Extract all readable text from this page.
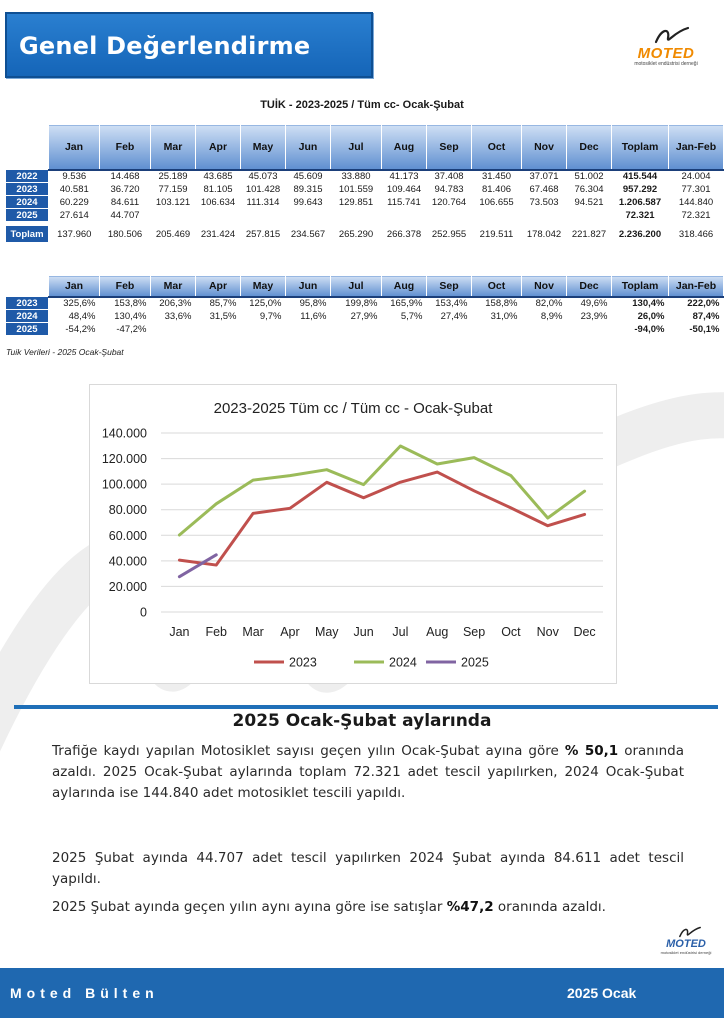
Genel Değerlendirme	MOTED
motosiklet endüstrisi derneği
TUİK - 2023-2025 / Tüm cc- Ocak-Şubat
	Jan	Feb	Mar	Apr	May	Jun	Jul	Aug	Sep	Oct	Nov	Dec	Toplam	Jan-Feb
2022	9.536	14.468	25.189	43.685	45.073	45.609	33.880	41.173	37.408	31.450	37.071	51.002	415.544	24.004
2023	40.581	36.720	77.159	81.105	101.428	89.315	101.559	109.464	94.783	81.406	67.468	76.304	957.292	77.301
2024	60.229	84.611	103.121	106.634	111.314	99.643	129.851	115.741	120.764	106.655	73.503	94.521	1.206.587	144.840
2025	27.614	44.707											72.321	72.321

Toplam	137.960	180.506	205.469	231.424	257.815	234.567	265.290	266.378	252.955	219.511	178.042	221.827	2.236.200	318.466
	Jan	Feb	Mar	Apr	May	Jun	Jul	Aug	Sep	Oct	Nov	Dec	Toplam	Jan-Feb
2023	325,6%	153,8%	206,3%	85,7%	125,0%	95,8%	199,8%	165,9%	153,4%	158,8%	82,0%	49,6%	130,4%	222,0%
2024	48,4%	130,4%	33,6%	31,5%	9,7%	11,6%	27,9%	5,7%	27,4%	31,0%	8,9%	23,9%	26,0%	87,4%
2025	-54,2%	-47,2%											-94,0%	-50,1%
Tuik Verileri - 2025 Ocak-Şubat
2023-2025 Tüm cc / Tüm cc - Ocak-Şubat
0
20.000
40.000
60.000
80.000
100.000
120.000
140.000
Jan Feb Mar Apr May Jun Jul Aug Sep Oct Nov Dec
2023	2024	2025
2025 Ocak-Şubat aylarında
Trafiğe kaydı yapılan Motosiklet sayısı geçen yılın Ocak-Şubat ayına göre % 50,1 oranında azaldı. 2025 Ocak-Şubat aylarında toplam 72.321 adet tescil yapılırken, 2024 Ocak-Şubat aylarında ise 144.840 adet motosiklet tescili yapıldı.
2025 Şubat ayında 44.707 adet tescil yapılırken 2024 Şubat ayında 84.611 adet tescil yapıldı.
2025 Şubat ayında geçen yılın aynı ayına göre ise satışlar %47,2 oranında azaldı.
MOTED
motosiklet endüstrisi derneği
Moted Bülten	2025 Ocak
